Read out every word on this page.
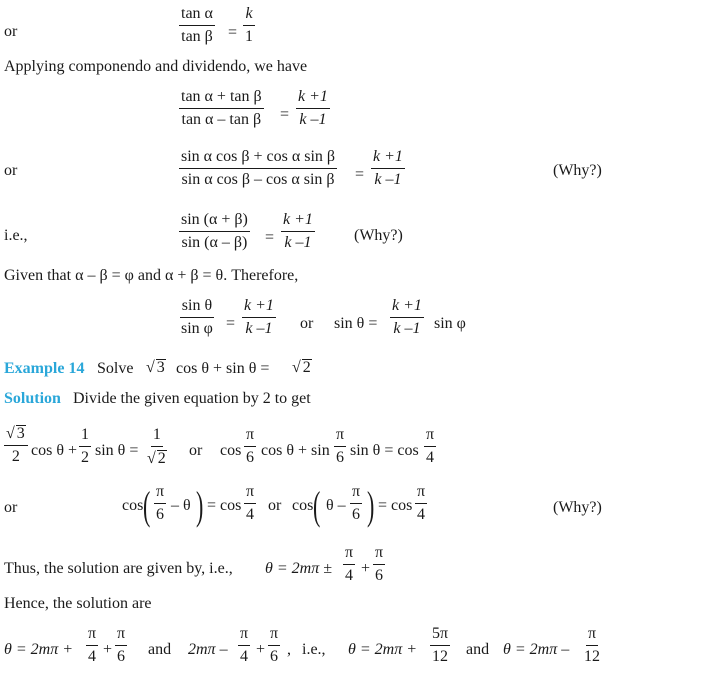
or	$\frac{\text{tan α}}{\text{tan β}} = \frac{k}{1}$
Applying componendo and dividendo, we have
$\frac{\text{tan α + tan β}}{\text{tan α – tan β}} = \frac{k +1}{k -1}$
or	$\frac{\text{sin α cos β + cos α sin β}}{\text{sin α cos β – cos α sin β}} = \frac{k +1}{k -1}$	(Why?)
i.e.,	$\frac{\sin (\alpha + \beta)}{\sin (\alpha - \beta)} = \frac{k +1}{k -1}$ (Why?)
Given that α – β = φ and α + β = θ. Therefore,
$\frac{\text{sin θ}}{\text{sin φ}} = \frac{k +1}{k -1}$ or $\sin \theta = \frac{k +1}{k -1}$ sin φ
Example 14 Solve √ 3 cos θ + sin θ = √ 2
Solution Divide the given equation by 2 to get
$\frac{√ 3}{2}$ $\cos \theta + \frac{1}{2}$ $\sin \theta = \frac{1}{√ 2}$ or $\cos \frac{\pi}{6}$ $\cos \theta + \sin \frac{\pi}{6}$ $\sin \theta = \cos \frac{\pi}{4}$
or	cos ( $\frac{\pi}{6}$ – θ ) = $\cos \frac{\pi}{4}$ or cos ( θ – $\frac{\pi}{6}$ ) = $\cos \frac{\pi}{4}$	(Why?)
Thus, the solution are given by, i.e., $\theta = 2m\pi \pm \frac{\pi}{4} + \frac{\pi}{6}$
Hence, the solution are
$\theta = 2m\pi + \frac{\pi}{4} + \frac{\pi}{6}$ and $2m\pi - \frac{\pi}{4} + \frac{\pi}{6}$ , i.e., $\theta = 2m\pi + \frac{5\pi}{12}$ and $\theta = 2m\pi - \frac{\pi}{12}$
